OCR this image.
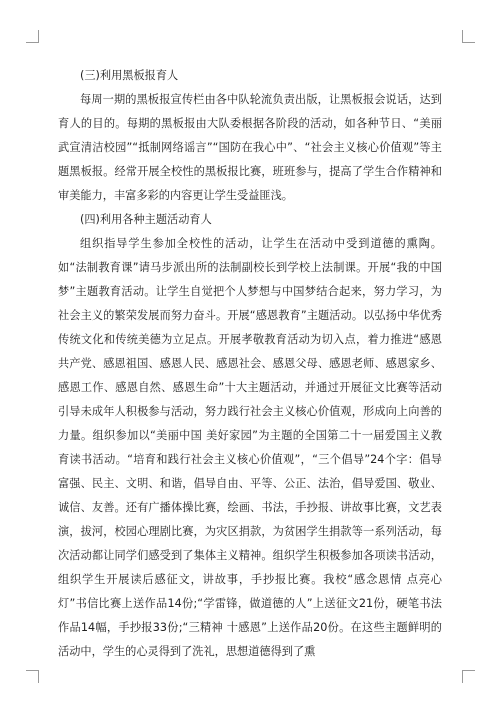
(三)利用黑板报育人

每周一期的黑板报宣传栏由各中队轮流负责出版，让黑板报会说话，达到育人的目的。每期的黑板报由大队委根据各阶段的活动，如各种节日、“美丽武宣清洁校园”“抵制网络谣言”“国防在我心中”、“社会主义核心价值观”等主题黑板报。经常开展全校性的黑板报比赛，班班参与，提高了学生合作精神和审美能力，丰富多彩的内容更让学生受益匪浅。

(四)利用各种主题活动育人

组织指导学生参加全校性的活动，让学生在活动中受到道德的熏陶。如“法制教育课”请马步派出所的法制副校长到学校上法制课。开展“我的中国梦”主题教育活动。让学生自觉把个人梦想与中国梦结合起来，努力学习，为社会主义的繁荣发展而努力奋斗。开展“感恩教育”主题活动。以弘扬中华优秀传统文化和传统美德为立足点。开展孝敬教育活动为切入点，着力推进“感恩共产党、感恩祖国、感恩人民、感恩社会、感恩父母、感恩老师、感恩家乡、感恩工作、感恩自然、感恩生命”十大主题活动，并通过开展征文比赛等活动引导未成年人积极参与活动，努力践行社会主义核心价值观，形成向上向善的力量。组织参加以“美丽中国 美好家园”为主题的全国第二十一届爱国主义教育读书活动。“培育和践行社会主义核心价值观”，“三个倡导”24个字：倡导富强、民主、文明、和谐，倡导自由、平等、公正、法治，倡导爱国、敬业、诚信、友善。还有广播体操比赛，绘画、书法，手抄报、讲故事比赛，文艺表演，拔河，校园心理剧比赛，为灾区捐款，为贫困学生捐款等一系列活动，每次活动都让同学们感受到了集体主义精神。组织学生积极参加各项读书活动，组织学生开展读后感征文，讲故事，手抄报比赛。我校“感念恩情 点亮心灯”书信比赛上送作品14份;“学雷锋，做道德的人”上送征文21份，硬笔书法作品14幅，手抄报33份;“三精神 十感恩”上送作品20份。在这些主题鲜明的活动中，学生的心灵得到了洗礼，思想道德得到了熏
